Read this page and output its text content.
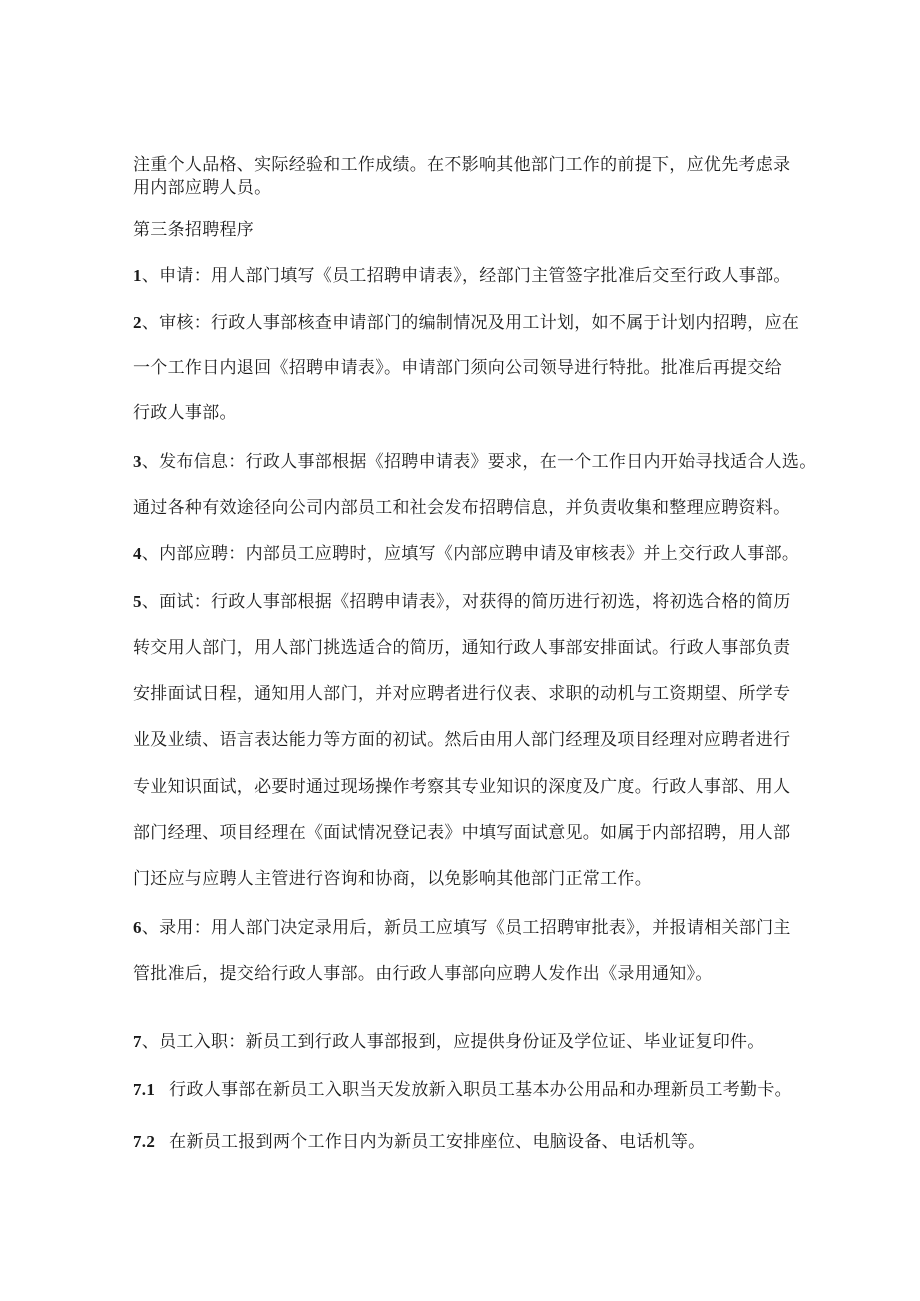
注重个人品格、实际经验和工作成绩。在不影响其他部门工作的前提下，应优先考虑录
用内部应聘人员。
第三条招聘程序
1、申请：用人部门填写《员工招聘申请表》，经部门主管签字批准后交至行政人事部。
2、审核：行政人事部核查申请部门的编制情况及用工计划，如不属于计划内招聘，应在
一个工作日内退回《招聘申请表》。申请部门须向公司领导进行特批。批准后再提交给
行政人事部。
3、发布信息：行政人事部根据《招聘申请表》要求，在一个工作日内开始寻找适合人选。
通过各种有效途径向公司内部员工和社会发布招聘信息，并负责收集和整理应聘资料。
4、内部应聘：内部员工应聘时，应填写《内部应聘申请及审核表》并上交行政人事部。
5、面试：行政人事部根据《招聘申请表》，对获得的简历进行初选，将初选合格的简历
转交用人部门，用人部门挑选适合的简历，通知行政人事部安排面试。行政人事部负责
安排面试日程，通知用人部门，并对应聘者进行仪表、求职的动机与工资期望、所学专
业及业绩、语言表达能力等方面的初试。然后由用人部门经理及项目经理对应聘者进行
专业知识面试，必要时通过现场操作考察其专业知识的深度及广度。行政人事部、用人
部门经理、项目经理在《面试情况登记表》中填写面试意见。如属于内部招聘，用人部
门还应与应聘人主管进行咨询和协商，以免影响其他部门正常工作。
6、录用：用人部门决定录用后，新员工应填写《员工招聘审批表》，并报请相关部门主
管批准后，提交给行政人事部。由行政人事部向应聘人发作出《录用通知》。
7、员工入职：新员工到行政人事部报到，应提供身份证及学位证、毕业证复印件。
7.1 行政人事部在新员工入职当天发放新入职员工基本办公用品和办理新员工考勤卡。
7.2 在新员工报到两个工作日内为新员工安排座位、电脑设备、电话机等。
